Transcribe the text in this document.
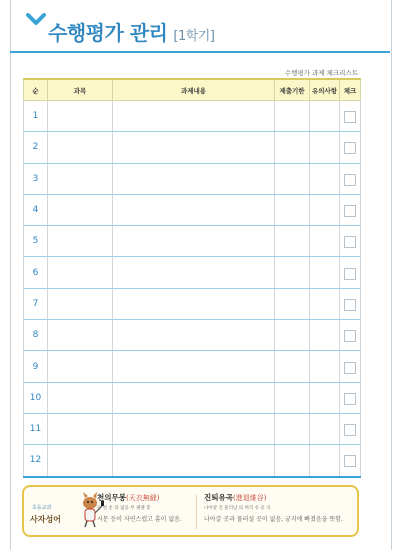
수행평가 관리 [1학기]
수행평가 과제 체크리스트
순	과목	과제내용	제출기한	유의사항	체크
1					
2					
3					
4					
5					
6					
7					
8					
9					
10					
11					
12					
초등교과
사자성어
천의무봉(天衣無縫)
늘 천 옷 의 없을 무 꿰맬 봉
시문 등이 자연스럽고 흠이 없음.
진퇴유곡(進退維谷)
나아갈 진 물러날 퇴 벼리 유 골 곡
나아갈 곳과 물러설 곳이 없음, 궁지에 빠졌음을 뜻함.
